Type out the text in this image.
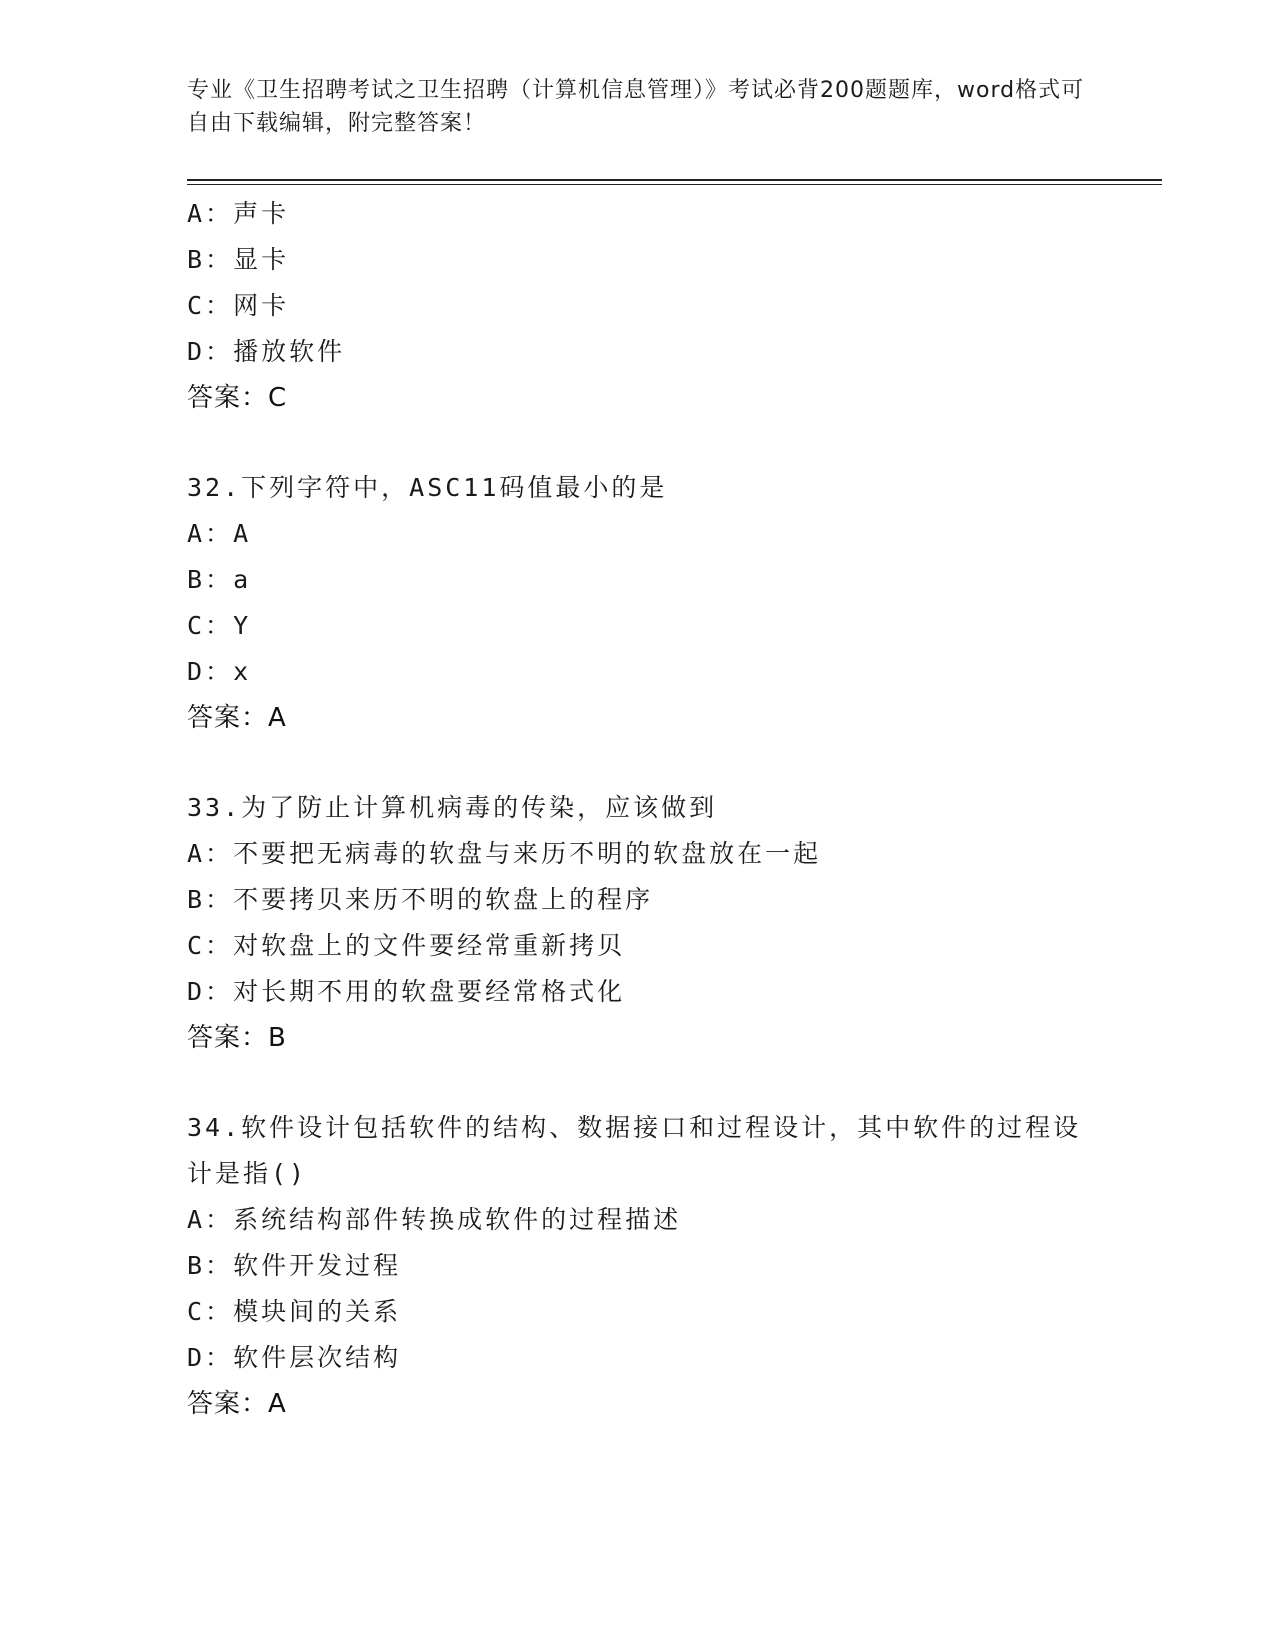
专业《卫生招聘考试之卫生招聘（计算机信息管理）》考试必背200题题库，word格式可自由下载编辑，附完整答案！
A：声卡
B：显卡
C：网卡
D：播放软件
答案：C
32.下列字符中，ASC11码值最小的是
A：A
B：a
C：Y
D：x
答案：A
33.为了防止计算机病毒的传染，应该做到
A：不要把无病毒的软盘与来历不明的软盘放在一起
B：不要拷贝来历不明的软盘上的程序
C：对软盘上的文件要经常重新拷贝
D：对长期不用的软盘要经常格式化
答案：B
34.软件设计包括软件的结构、数据接口和过程设计，其中软件的过程设计是指()
A：系统结构部件转换成软件的过程描述
B：软件开发过程
C：模块间的关系
D：软件层次结构
答案：A
